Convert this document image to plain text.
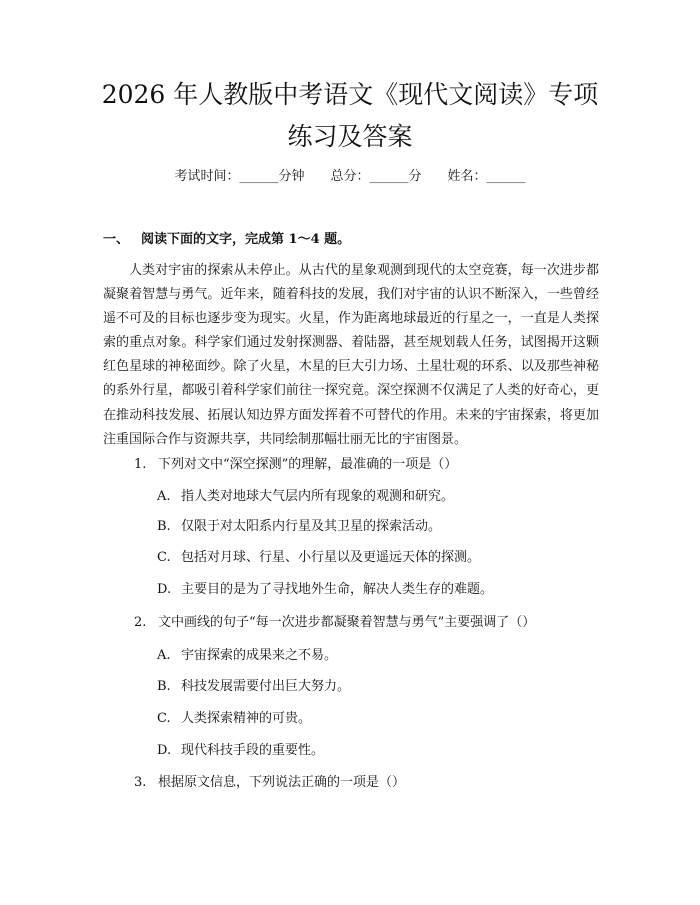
2026 年人教版中考语文《现代文阅读》专项
练习及答案
考试时间：______分钟 总分：______分 姓名：______
一、 阅读下面的文字，完成第 1～4 题。

人类对宇宙的探索从未停止。从古代的星象观测到现代的太空竞赛，每一次进步都凝聚着智慧与勇气。近年来，随着科技的发展，我们对宇宙的认识不断深入，一些曾经遥不可及的目标也逐步变为现实。火星，作为距离地球最近的行星之一，一直是人类探索的重点对象。科学家们通过发射探测器、着陆器，甚至规划载人任务，试图揭开这颗红色星球的神秘面纱。除了火星，木星的巨大引力场、土星壮观的环系、以及那些神秘的系外行星，都吸引着科学家们前往一探究竟。深空探测不仅满足了人类的好奇心，更在推动科技发展、拓展认知边界方面发挥着不可替代的作用。未来的宇宙探索，将更加注重国际合作与资源共享，共同绘制那幅壮丽无比的宇宙图景。

1. 下列对文中“深空探测”的理解，最准确的一项是（）
A. 指人类对地球大气层内所有现象的观测和研究。
B. 仅限于对太阳系内行星及其卫星的探索活动。
C. 包括对月球、行星、小行星以及更遥远天体的探测。
D. 主要目的是为了寻找地外生命，解决人类生存的难题。
2. 文中画线的句子“每一次进步都凝聚着智慧与勇气”主要强调了（）
A. 宇宙探索的成果来之不易。
B. 科技发展需要付出巨大努力。
C. 人类探索精神的可贵。
D. 现代科技手段的重要性。
3. 根据原文信息，下列说法正确的一项是（）
